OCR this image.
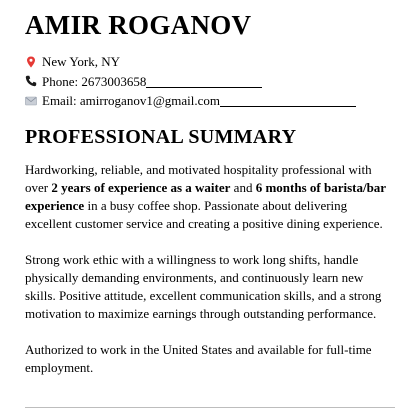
AMIR ROGANOV
New York, NY
Phone: 2673003658
Email: amirroganov1@gmail.com
PROFESSIONAL SUMMARY

Hardworking, reliable, and motivated hospitality professional with over 2 years of experience as a waiter and 6 months of barista/bar experience in a busy coffee shop. Passionate about delivering excellent customer service and creating a positive dining experience.

Strong work ethic with a willingness to work long shifts, handle physically demanding environments, and continuously learn new skills. Positive attitude, excellent communication skills, and a strong motivation to maximize earnings through outstanding performance.

Authorized to work in the United States and available for full-time employment.
